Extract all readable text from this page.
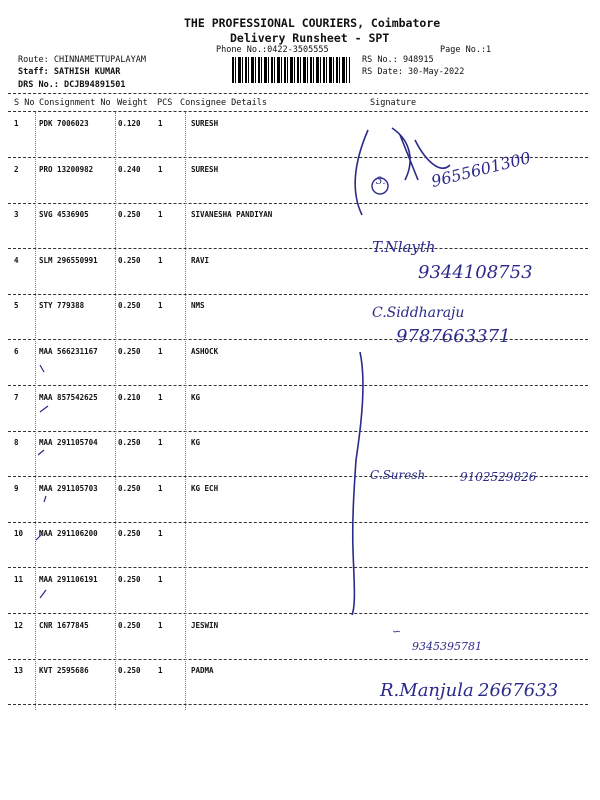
THE PROFESSIONAL COURIERS, Coimbatore
Delivery Runsheet - SPT
Phone No.:0422-3505555	Page No.:1
Route: CHINNAMETTUPALAYAM
Staff: SATHISH KUMAR
DRS No.: DCJB94891501
RS No.: 948915
RS Date: 30-May-2022
S No Consignment No Weight PCS Consignee Details	Signature
1	PDK 7006023	0.120 1	SURESH
2	PRO 13200982	0.240 1	SURESH
3	SVG 4536905	0.250 1	SIVANESHA PANDIYAN
4	SLM 296550991	0.250 1	RAVI
5	STY 779388	0.250 1	NMS
6	MAA 566231167	0.250 1	ASHOCK
7	MAA 857542625	0.210 1	KG
8	MAA 291105704	0.250 1	KG
9	MAA 291105703	0.250 1	KG ECH
10 MAA 291106200	0.250 1
11 MAA 291106191	0.250 1
12 CNR 1677845	0.250 1	JESWIN
13 KVT 2595686	0.250 1	PADMA
3.	9655601300
T.Nlayth
9344108753
C.Siddharaju
9787663371
C.Suresh	9102529826
∽
9345395781
R.Manjula 2667633
